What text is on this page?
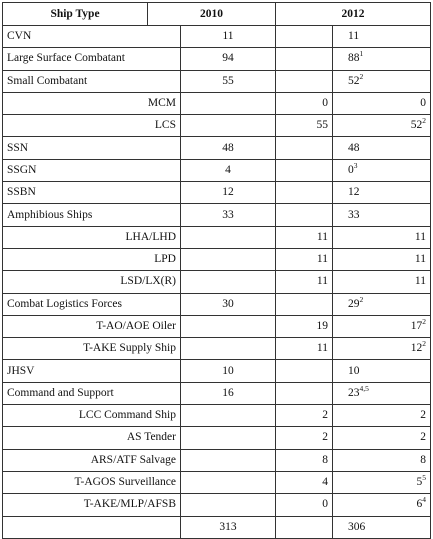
Ship Type	2010		2012	
CVN		11		11
Large Surface Combatant		94		$88^1$
Small Combatant		55		$52^2$
MCM			0	0
LCS			55	$52^2$
SSN		48		48
SSGN		4		$0^3$
SSBN		12		12
Amphibious Ships		33		33
LHA/LHD			11	11
LPD			11	11
LSD/LX(R)			11	11
Combat Logistics Forces		30		$29^2$
T-AO/AOE Oiler			19	$17^2$
T-AKE Supply Ship			11	$12^2$
JHSV		10		10
Command and Support		16		23$^{4,5}$
LCC Command Ship			2	2
AS Tender			2	2
ARS/ATF Salvage			8	8
T-AGOS Surveillance			4	$5^5$
T-AKE/MLP/AFSB			0	$6^4$
		313		306
